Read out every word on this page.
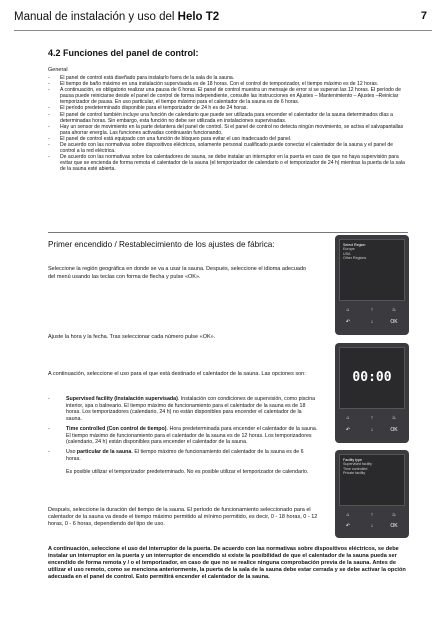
Manual de instalación y uso del Helo T2	7
4.2 Funciones del panel de control:
General
- El panel de control está diseñado para instalarlo fuera de la sala de la sauna.
- El tiempo de baño máximo en una instalación supervisada es de 18 horas. Con el control de temporizador, el tiempo máximo es de 12 horas.
- A continuación, es obligatorio realizar una pausa de 6 horas. El panel de control muestra un mensaje de error si se superan las 12 horas. El período de pausa puede reiniciarse desde el panel de control de forma independiente, consulte las instrucciones en Ajustes – Mantenimiento – Ajustes –Reiniciar temporizador de pausa. En uso particular, el tiempo máximo para el calentador de la sauna es de 6 horas.
- El período predeterminado disponible para el temporizador de 24 h es de 24 horas.
- El panel de control también incluye una función de calendario que puede ser utilizada para encender el calentador de la sauna determinados días a determinadas horas. Sin embargo, esta función no debe ser utilizada en instalaciones supervisadas.
- Hay un sensor de movimiento en la parte delantera del panel de control. Si el panel de control no detecta ningún movimiento, se activa el salvapantallas para ahorrar energía. Las funciones activadas continuarán funcionando.
- El panel de control está equipado con una función de bloqueo para evitar el uso inadecuado del panel.
- De acuerdo con las normativas sobre dispositivos eléctricos, solamente personal cualificado puede conectar el calentador de la sauna y el panel de control a la red eléctrica.
- De acuerdo con las normativas sobre los calentadores de sauna, se debe instalar un interruptor en la puerta en caso de que no haya supervisión para evitar que se encienda de forma remota el calentador de la sauna (el temporizador de calendario o el temporizador de 24 h) mientras la puerta de la sala de la sauna esté abierta.
Primer encendido / Restablecimiento de los ajustes de fábrica:
Seleccione la región geográfica en donde se va a usar la sauna. Después, seleccione el idioma adecuado del menú usando las teclas con forma de flecha y pulse «OK».
Ajuste la hora y la fecha. Tras seleccionar cada número pulse «OK».
A continuación, seleccione el uso para el que está destinado el calentador de la sauna. Las opciones son:
- Supervised facility (Instalación supervisada). Instalación con condiciones de supervisión, como piscina interior, spa o balneario. El tiempo máximo de funcionamiento para el calentador de la sauna es de 18 horas. Los temporizadores (calendario, 24 h) no están disponibles para encender el calentador de la sauna.
- Time controlled (Con control de tiempo). Hora predeterminada para encender el calentador de la sauna. El tiempo máximo de funcionamiento para el calentador de la sauna es de 12 horas. Los temporizadores (calendario, 24 h) están disponibles para encender el calentador de la sauna.
- Uso particular de la sauna. El tiempo máximo de funcionamiento del calentador de la sauna es de 6 horas.

Es posible utilizar el temporizador predeterminado. No es posible utilizar el temporizador de calendario.
Después, seleccione la duración del tiempo de la sauna. El período de funcionamiento seleccionado para el calentador de la sauna va desde el tiempo máximo permitido al mínimo permitido, es decir, 0 - 18 horas, 0 - 12 horas, 0 - 6 horas, dependiendo del tipo de uso.
A continuación, seleccione el uso del interruptor de la puerta. De acuerdo con las normativas sobre dispositivos eléctricos, se debe instalar un interruptor en la puerta y un interruptor de encendido si existe la posibilidad de que el calentador de la sauna pueda ser encendido de forma remota y / o el temporizador, en caso de que no se realice ninguna comprobación previa de la sauna. Antes de utilizar el uso remoto, como se menciona anteriormente, la puerta de la sala de la sauna debe estar cerrada y se debe activar la opción adecuada en el panel de control. Esto permitirá encender el calentador de la sauna.
Select Region
Europe
USA
Other Regions
⌂	↑	♨
↶	↓	OK
00:00
⌂	↑	♨
↶	↓	OK
Facility type
Supervised facility
Time controlled
Private facility
⌂	↑	♨
↶	↓	OK
